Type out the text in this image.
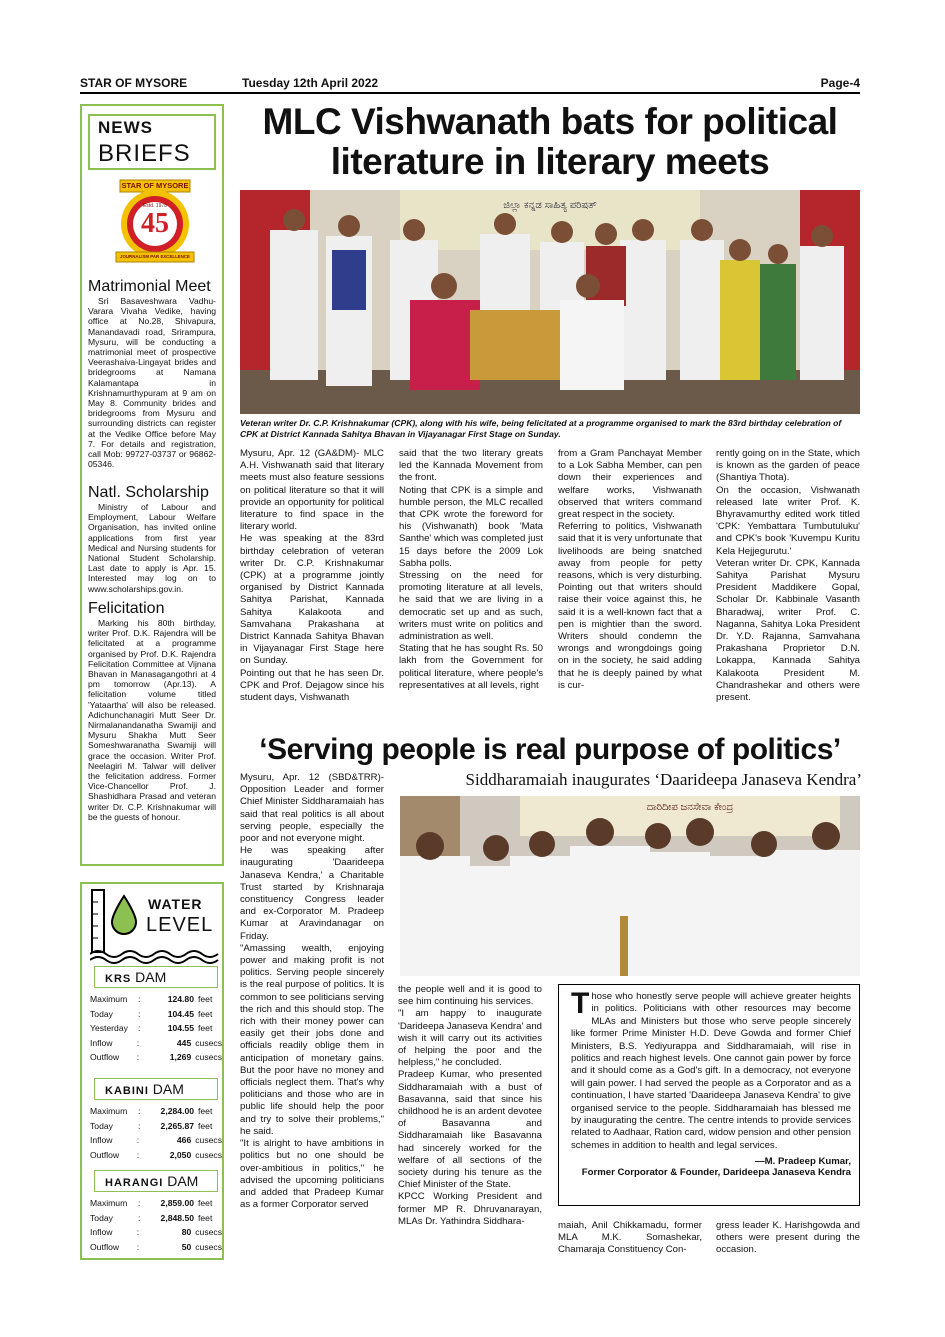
STAR OF MYSORE	Tuesday 12th April 2022	Page-4
NEWS
BRIEFS
STAR OF MYSORE
Estd. 1978
45
JOURNALISM PAR EXCELLENCE
Matrimonial Meet
Sri Basaveshwara Vadhu-Varara Vivaha Vedike, having office at No.28, Shivapura, Manandavadi road, Srirampura, Mysuru, will be conducting a matrimonial meet of prospective Veerashaiva-Lingayat brides and bridegrooms at Namana Kalamantapa in Krishnamurthypuram at 9 am on May 8. Community brides and bridegrooms from Mysuru and surrounding districts can register at the Vedike Office before May 7. For details and registration, call Mob: 99727-03737 or 96862-05346.
Natl. Scholarship
Ministry of Labour and Employment, Labour Welfare Organisation, has invited online applications from first year Medical and Nursing students for National Student Scholarship. Last date to apply is Apr. 15. Interested may log on to www.scholarships.gov.in.
Felicitation
Marking his 80th birthday, writer Prof. D.K. Rajendra will be felicitated at a programme organised by Prof. D.K. Rajendra Felicitation Committee at Vijnana Bhavan in Manasagangothri at 4 pm tomorrow (Apr.13). A felicitation volume titled 'Yataartha' will also be released. Adichunchanagiri Mutt Seer Dr. Nirmalanandanatha Swamiji and Mysuru Shakha Mutt Seer Someshwaranatha Swamiji will grace the occasion. Writer Prof. Neelagiri M. Talwar will deliver the felicitation address. Former Vice-Chancellor Prof. J. Shashidhara Prasad and veteran writer Dr. C.P. Krishnakumar will be the guests of honour.
WATER
LEVEL
KRS DAM
Maximum	:	124.80 feet
Today	:	104.45 feet
Yesterday	:	104.55 feet
Inflow	:	445 cusecs
Outflow	:	1,269 cusecs
KABINI DAM
Maximum	:	2,284.00 feet
Today	:	2,265.87 feet
Inflow	:	466 cusecs
Outflow	:	2,050 cusecs
HARANGI DAM
Maximum	:	2,859.00 feet
Today	:	2,848.50 feet
Inflow	:	80 cusecs
Outflow	:	50 cusecs
MLC Vishwanath bats for political literature in literary meets
ಜಿಲ್ಲಾ ಕನ್ನಡ ಸಾಹಿತ್ಯ ಪರಿಷತ್
Veteran writer Dr. C.P. Krishnakumar (CPK), along with his wife, being felicitated at a programme organised to mark the 83rd birthday celebration of CPK at District Kannada Sahitya Bhavan in Vijayanagar First Stage on Sunday.
Mysuru, Apr. 12 (GA&DM)- MLC A.H. Vishwanath said that literary meets must also feature sessions on political literature so that it will provide an opportunity for political literature to find space in the literary world.
He was speaking at the 83rd birthday celebration of veteran writer Dr. C.P. Krishnakumar (CPK) at a programme jointly organised by District Kannada Sahitya Parishat, Kannada Sahitya Kalakoota and Samvahana Prakashana at District Kannada Sahitya Bhavan in Vijayanagar First Stage here on Sunday.
Pointing out that he has seen Dr. CPK and Prof. Dejagow since his student days, Vishwanath
said that the two literary greats led the Kannada Movement from the front.
Noting that CPK is a simple and humble person, the MLC recalled that CPK wrote the foreword for his (Vishwanath) book 'Mata Santhe' which was completed just 15 days before the 2009 Lok Sabha polls.
Stressing on the need for promoting literature at all levels, he said that we are living in a democratic set up and as such, writers must write on politics and administration as well.
Stating that he has sought Rs. 50 lakh from the Government for political literature, where people's representatives at all levels, right
from a Gram Panchayat Member to a Lok Sabha Member, can pen down their experiences and welfare works, Vishwanath observed that writers command great respect in the society.
Referring to politics, Vishwanath said that it is very unfortunate that livelihoods are being snatched away from people for petty reasons, which is very disturbing. Pointing out that writers should raise their voice against this, he said it is a well-known fact that a pen is mightier than the sword. Writers should condemn the wrongs and wrongdoings going on in the society, he said adding that he is deeply pained by what is cur-
rently going on in the State, which is known as the garden of peace (Shantiya Thota).
On the occasion, Vishwanath released late writer Prof. K. Bhyravamurthy edited work titled 'CPK: Yembattara Tumbutuluku' and CPK's book 'Kuvempu Kuritu Kela Hejjegurutu.'
Veteran writer Dr. CPK, Kannada Sahitya Parishat Mysuru President Maddikere Gopal, Scholar Dr. Kabbinale Vasanth Bharadwaj, writer Prof. C. Naganna, Sahitya Loka President Dr. Y.D. Rajanna, Samvahana Prakashana Proprietor D.N. Lokappa, Kannada Sahitya Kalakoota President M. Chandrashekar and others were present.
‘Serving people is real purpose of politics’
Siddharamaiah inaugurates ‘Daarideepa Janaseva Kendra’
Mysuru, Apr. 12 (SBD&TRR)- Opposition Leader and former Chief Minister Siddharamaiah has said that real politics is all about serving people, especially the poor and not everyone might.
He was speaking after inaugurating 'Daarideepa Janaseva Kendra,' a Charitable Trust started by Krishnaraja constituency Congress leader and ex-Corporator M. Pradeep Kumar at Aravindanagar on Friday.
"Amassing wealth, enjoying power and making profit is not politics. Serving people sincerely is the real purpose of politics. It is common to see politicians serving the rich and this should stop. The rich with their money power can easily get their jobs done and officials readily oblige them in anticipation of monetary gains. But the poor have no money and officials neglect them. That's why politicians and those who are in public life should help the poor and try to solve their problems," he said.
"It is alright to have ambitions in politics but no one should be over-ambitious in politics," he advised the upcoming politicians and added that Pradeep Kumar as a former Corporator served
ದಾರಿದೀಪ ಜನಸೇವಾ ಕೇಂದ್ರ
the people well and it is good to see him continuing his services.
"I am happy to inaugurate 'Darideepa Janaseva Kendra' and wish it will carry out its activities of helping the poor and the helpless," he concluded.
Pradeep Kumar, who presented Siddharamaiah with a bust of Basavanna, said that since his childhood he is an ardent devotee of Basavanna and Siddharamaiah like Basavanna had sincerely worked for the welfare of all sections of the society during his tenure as the Chief Minister of the State.
KPCC Working President and former MP R. Dhruvanarayan, MLAs Dr. Yathindra Siddhara-
T hose who honestly serve people will achieve greater heights in politics. Politicians with other resources may become MLAs and Ministers but those who serve people sincerely like former Prime Minister H.D. Deve Gowda and former Chief Ministers, B.S. Yediyurappa and Siddharamaiah, will rise in politics and reach highest levels. One cannot gain power by force and it should come as a God's gift. In a democracy, not everyone will gain power. I had served the people as a Corporator and as a continuation, I have started 'Daarideepa Janaseva Kendra' to give organised service to the people. Siddharamaiah has blessed me by inaugurating the centre. The centre intends to provide services related to Aadhaar, Ration card, widow pension and other pension schemes in addition to health and legal services.
—M. Pradeep Kumar,
Former Corporator & Founder, Darideepa Janaseva Kendra
maiah, Anil Chikkamadu, former MLA M.K. Somashekar, Chamaraja Constituency Con-
gress leader K. Harishgowda and others were present during the occasion.
